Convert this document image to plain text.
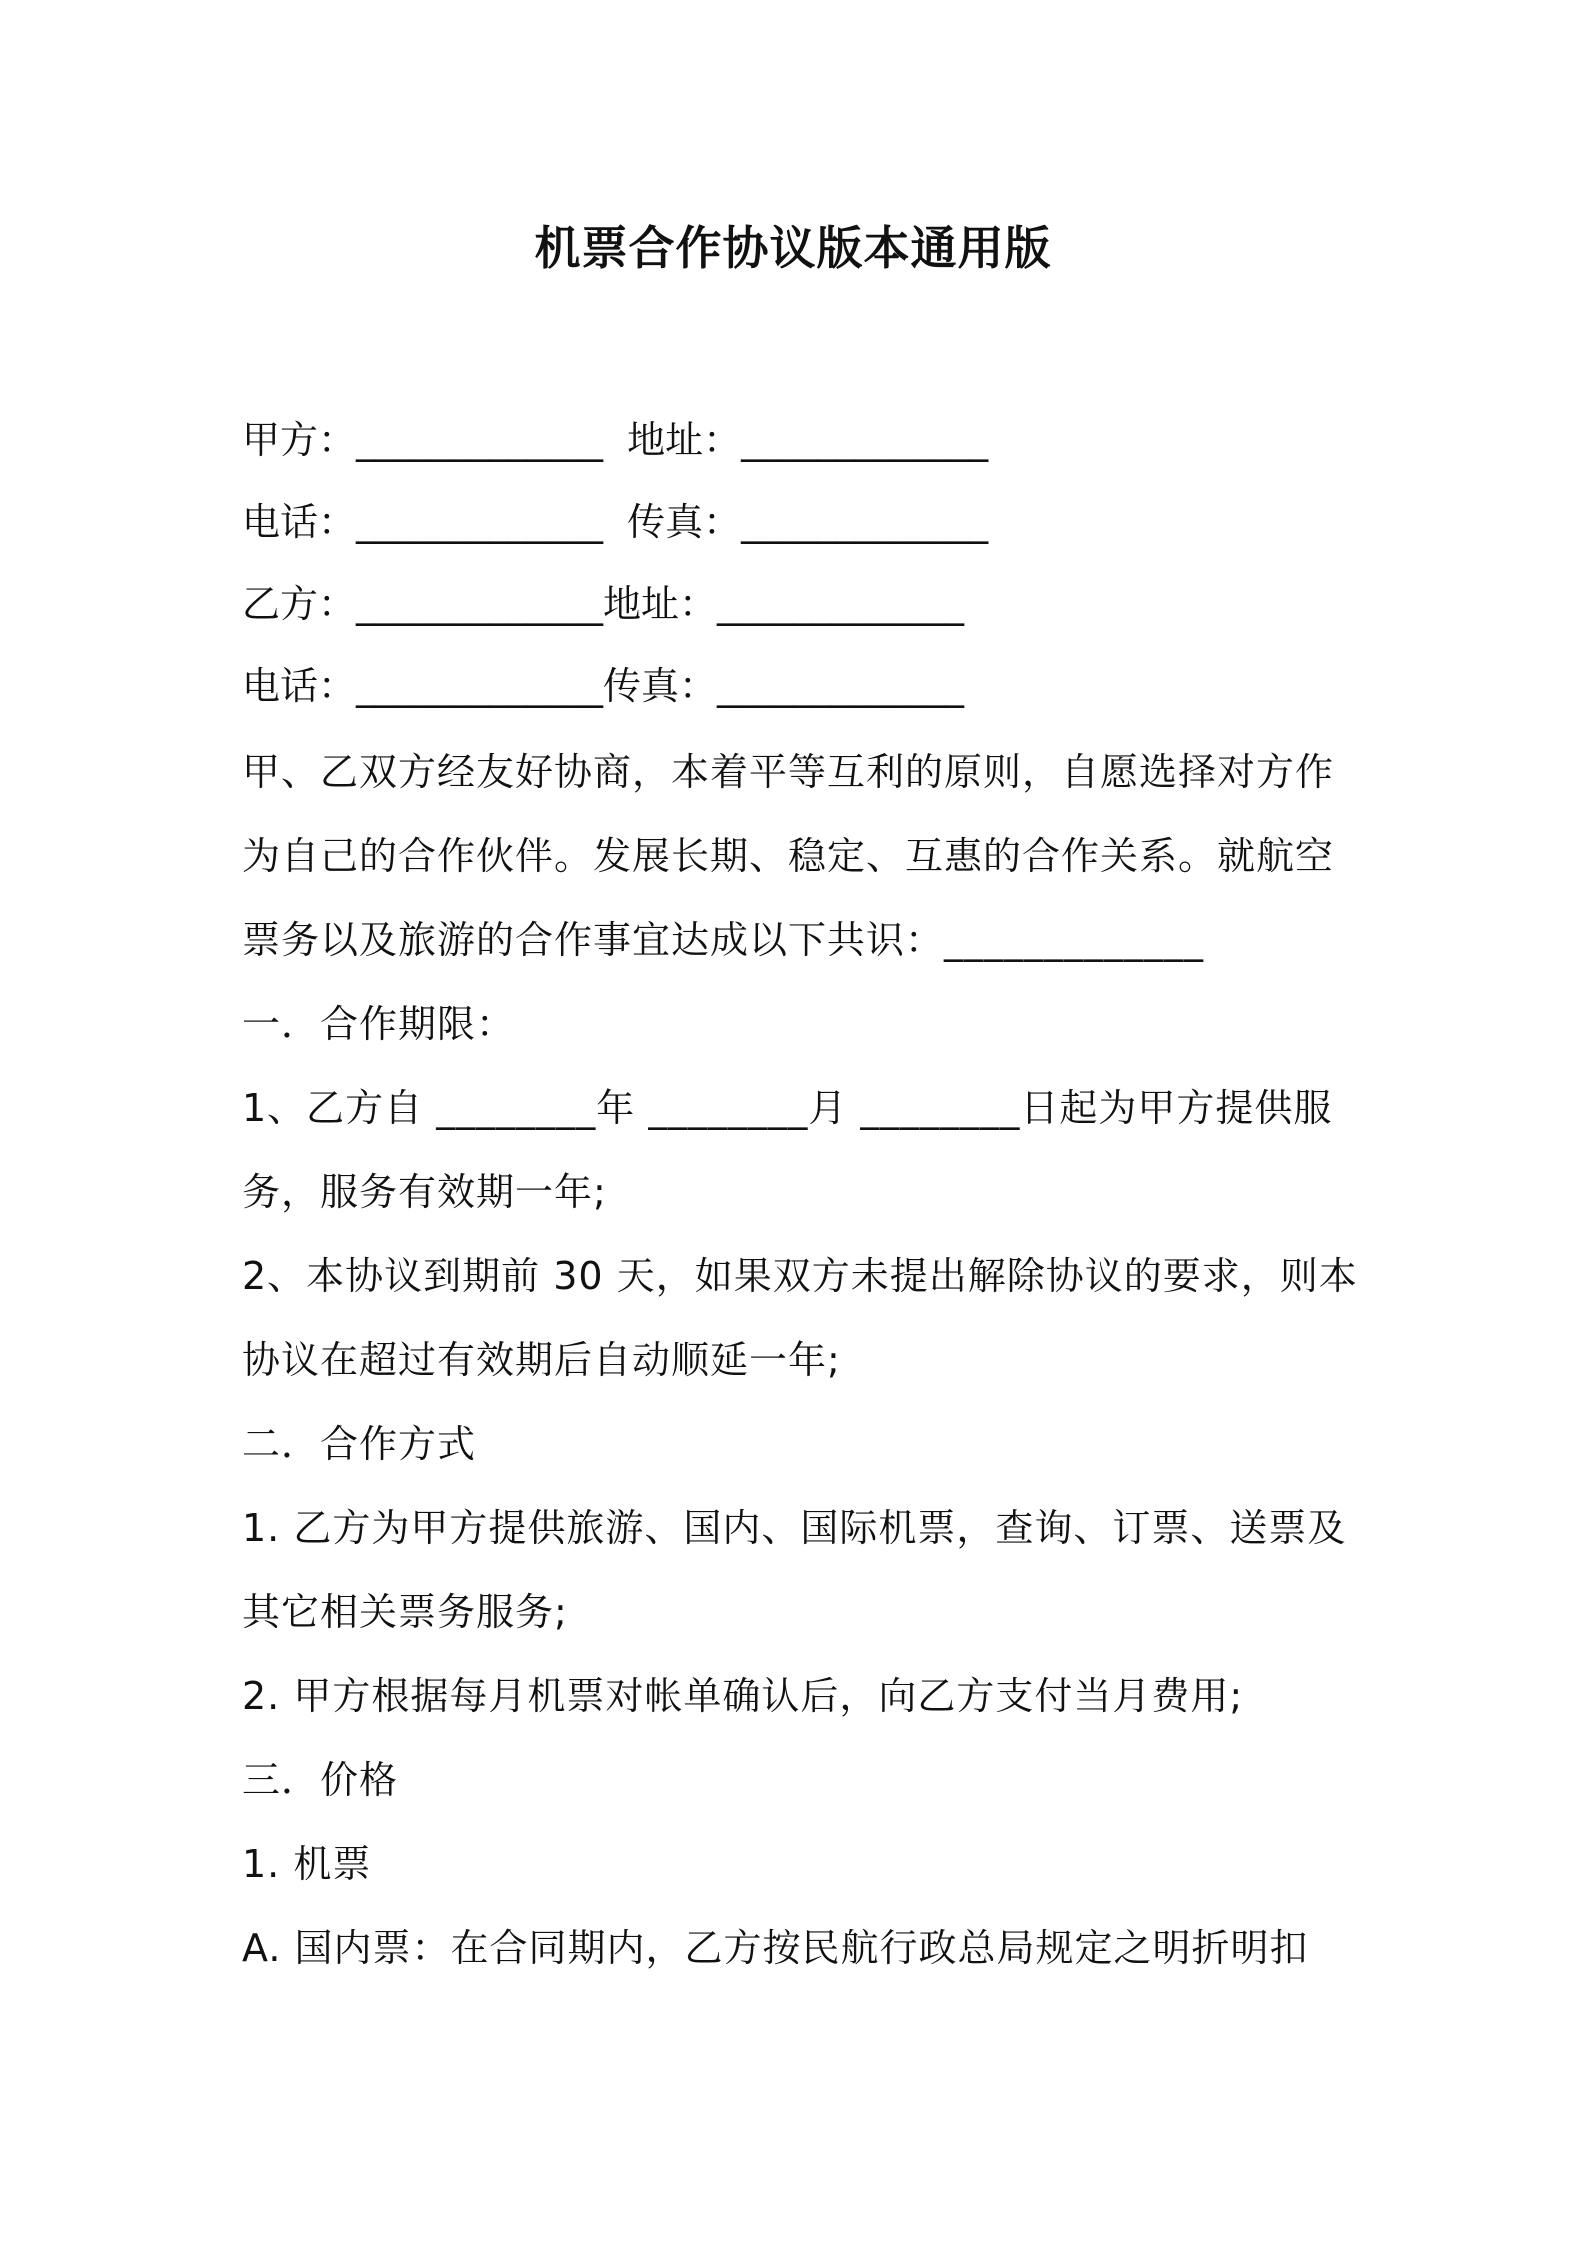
机票合作协议版本通用版

甲方：_____________  地址：_____________

电话：_____________  传真：_____________

乙方：_____________地址：_____________

电话：_____________传真：_____________

甲、乙双方经友好协商，本着平等互利的原则，自愿选择对方作为自己的合作伙伴。发展长期、稳定、互惠的合作关系。就航空票务以及旅游的合作事宜达成以下共识：_____________

一．合作期限：

1、乙方自 ________年 ________月 ________日起为甲方提供服务，服务有效期一年;

2、本协议到期前 30 天，如果双方未提出解除协议的要求，则本协议在超过有效期后自动顺延一年;

二．合作方式

1. 乙方为甲方提供旅游、国内、国际机票，查询、订票、送票及其它相关票务服务;

2. 甲方根据每月机票对帐单确认后，向乙方支付当月费用;

三．价格

1. 机票

A. 国内票：在合同期内，乙方按民航行政总局规定之明折明扣
